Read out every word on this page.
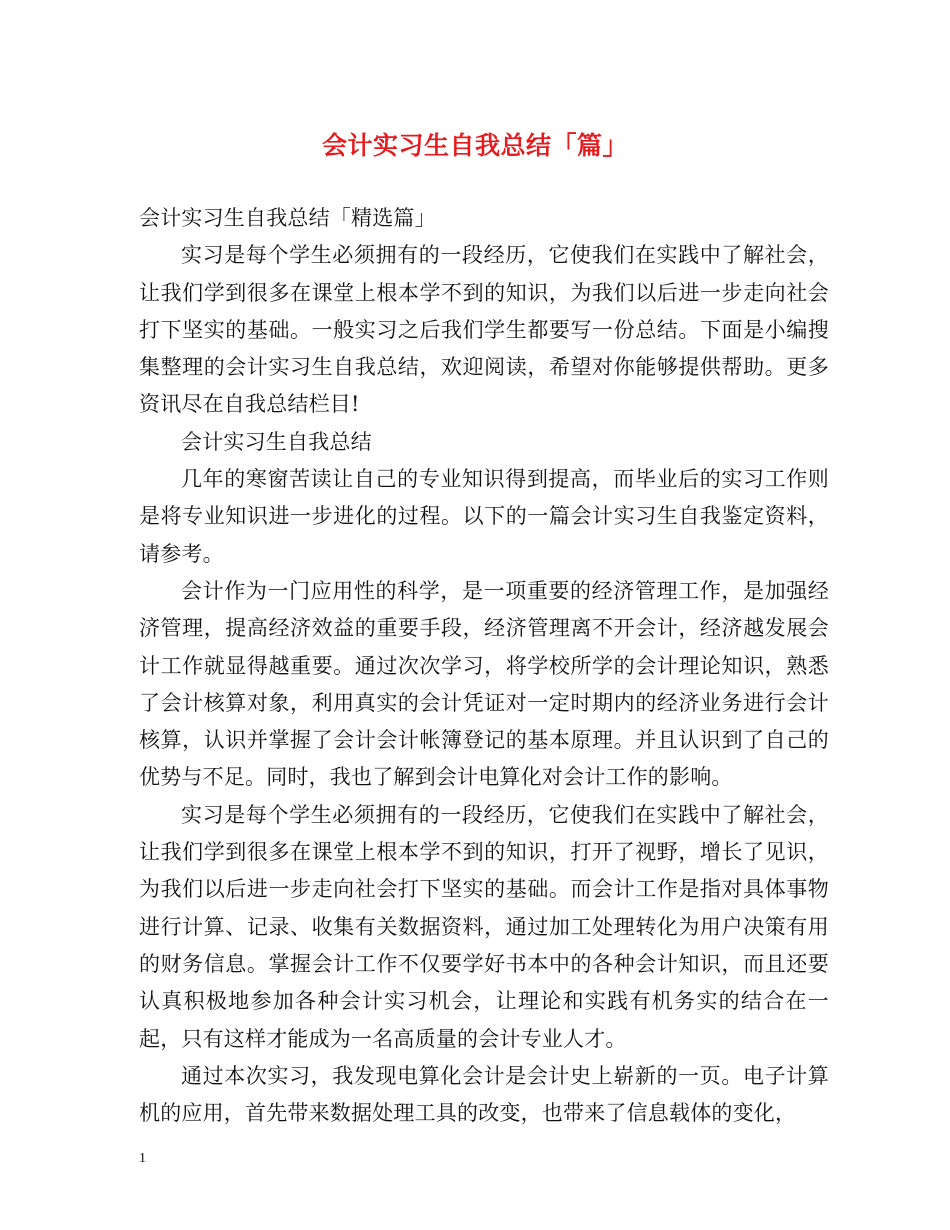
会计实习生自我总结「篇」

会计实习生自我总结「精选篇」

实习是每个学生必须拥有的一段经历，它使我们在实践中了解社会，让我们学到很多在课堂上根本学不到的知识，为我们以后进一步走向社会打下坚实的基础。一般实习之后我们学生都要写一份总结。下面是小编搜集整理的会计实习生自我总结，欢迎阅读，希望对你能够提供帮助。更多资讯尽在自我总结栏目!

会计实习生自我总结

几年的寒窗苦读让自己的专业知识得到提高，而毕业后的实习工作则是将专业知识进一步进化的过程。以下的一篇会计实习生自我鉴定资料，请参考。

会计作为一门应用性的科学，是一项重要的经济管理工作，是加强经济管理，提高经济效益的重要手段，经济管理离不开会计，经济越发展会计工作就显得越重要。通过次次学习，将学校所学的会计理论知识，熟悉了会计核算对象，利用真实的会计凭证对一定时期内的经济业务进行会计核算，认识并掌握了会计会计帐簿登记的基本原理。并且认识到了自己的优势与不足。同时，我也了解到会计电算化对会计工作的影响。

实习是每个学生必须拥有的一段经历，它使我们在实践中了解社会，让我们学到很多在课堂上根本学不到的知识，打开了视野，增长了见识，为我们以后进一步走向社会打下坚实的基础。而会计工作是指对具体事物进行计算、记录、收集有关数据资料，通过加工处理转化为用户决策有用的财务信息。掌握会计工作不仅要学好书本中的各种会计知识，而且还要认真积极地参加各种会计实习机会，让理论和实践有机务实的结合在一起，只有这样才能成为一名高质量的会计专业人才。

通过本次实习，我发现电算化会计是会计史上崭新的一页。电子计算机的应用，首先带来数据处理工具的改变，也带来了信息载体的变化，

1
